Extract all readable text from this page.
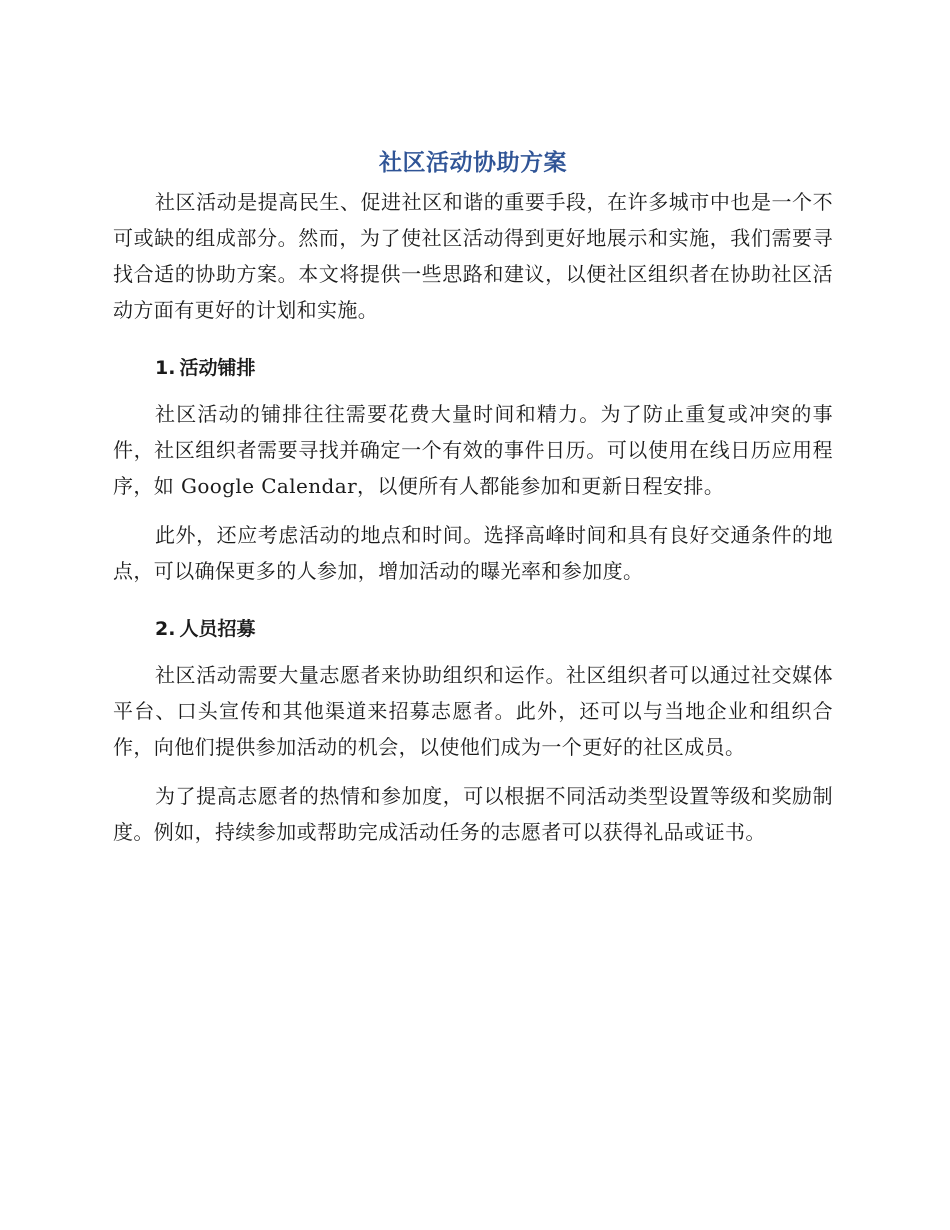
社区活动协助方案

社区活动是提高民生、促进社区和谐的重要手段，在许多城市中也是一个不可或缺的组成部分。然而，为了使社区活动得到更好地展示和实施，我们需要寻找合适的协助方案。本文将提供一些思路和建议，以便社区组织者在协助社区活动方面有更好的计划和实施。

1. 活动铺排

社区活动的铺排往往需要花费大量时间和精力。为了防止重复或冲突的事件，社区组织者需要寻找并确定一个有效的事件日历。可以使用在线日历应用程序，如 Google Calendar，以便所有人都能参加和更新日程安排。

此外，还应考虑活动的地点和时间。选择高峰时间和具有良好交通条件的地点，可以确保更多的人参加，增加活动的曝光率和参加度。

2. 人员招募

社区活动需要大量志愿者来协助组织和运作。社区组织者可以通过社交媒体平台、口头宣传和其他渠道来招募志愿者。此外，还可以与当地企业和组织合作，向他们提供参加活动的机会，以使他们成为一个更好的社区成员。

为了提高志愿者的热情和参加度，可以根据不同活动类型设置等级和奖励制度。例如，持续参加或帮助完成活动任务的志愿者可以获得礼品或证书。
